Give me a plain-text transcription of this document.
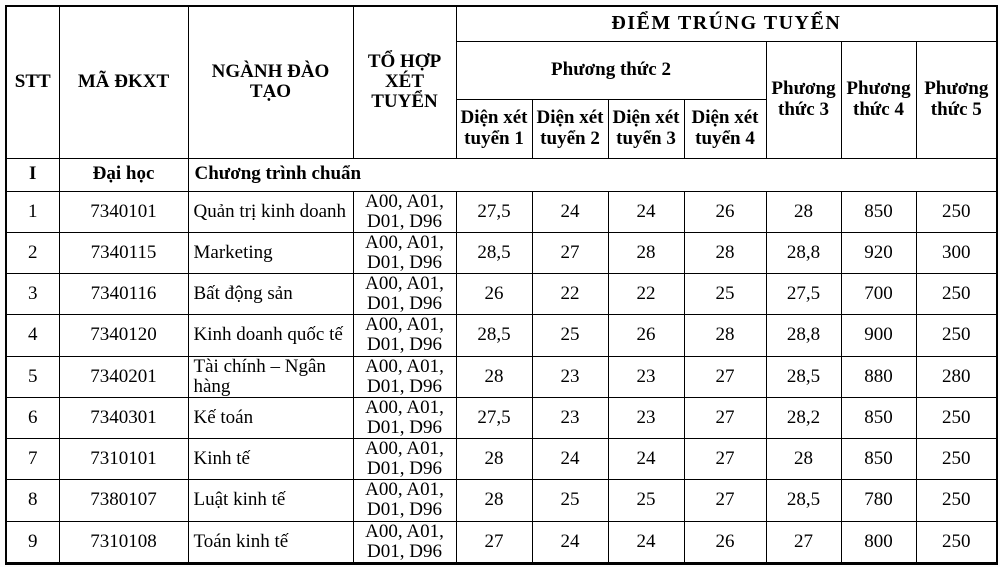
STT	MÃ ĐKXT	NGÀNH ĐÀO TẠO	TỔ HỢP XÉT TUYỂN	ĐIỂM TRÚNG TUYỂN						
				Phương thức 2				Phương thức 3	Phương thức 4	Phương thức 5
				Diện xét tuyển 1	Diện xét tuyển 2	Diện xét tuyển 3	Diện xét tuyển 4			
I	Đại học	Chương trình chuẩn								
1	7340101	Quản trị kinh doanh	A00, A01, D01, D96	27,5	24	24	26	28	850	250
2	7340115	Marketing	A00, A01, D01, D96	28,5	27	28	28	28,8	920	300
3	7340116	Bất động sản	A00, A01, D01, D96	26	22	22	25	27,5	700	250
4	7340120	Kinh doanh quốc tế	A00, A01, D01, D96	28,5	25	26	28	28,8	900	250
5	7340201	Tài chính – Ngân hàng	A00, A01, D01, D96	28	23	23	27	28,5	880	280
6	7340301	Kế toán	A00, A01, D01, D96	27,5	23	23	27	28,2	850	250
7	7310101	Kinh tế	A00, A01, D01, D96	28	24	24	27	28	850	250
8	7380107	Luật kinh tế	A00, A01, D01, D96	28	25	25	27	28,5	780	250
9	7310108	Toán kinh tế	A00, A01, D01, D96	27	24	24	26	27	800	250
